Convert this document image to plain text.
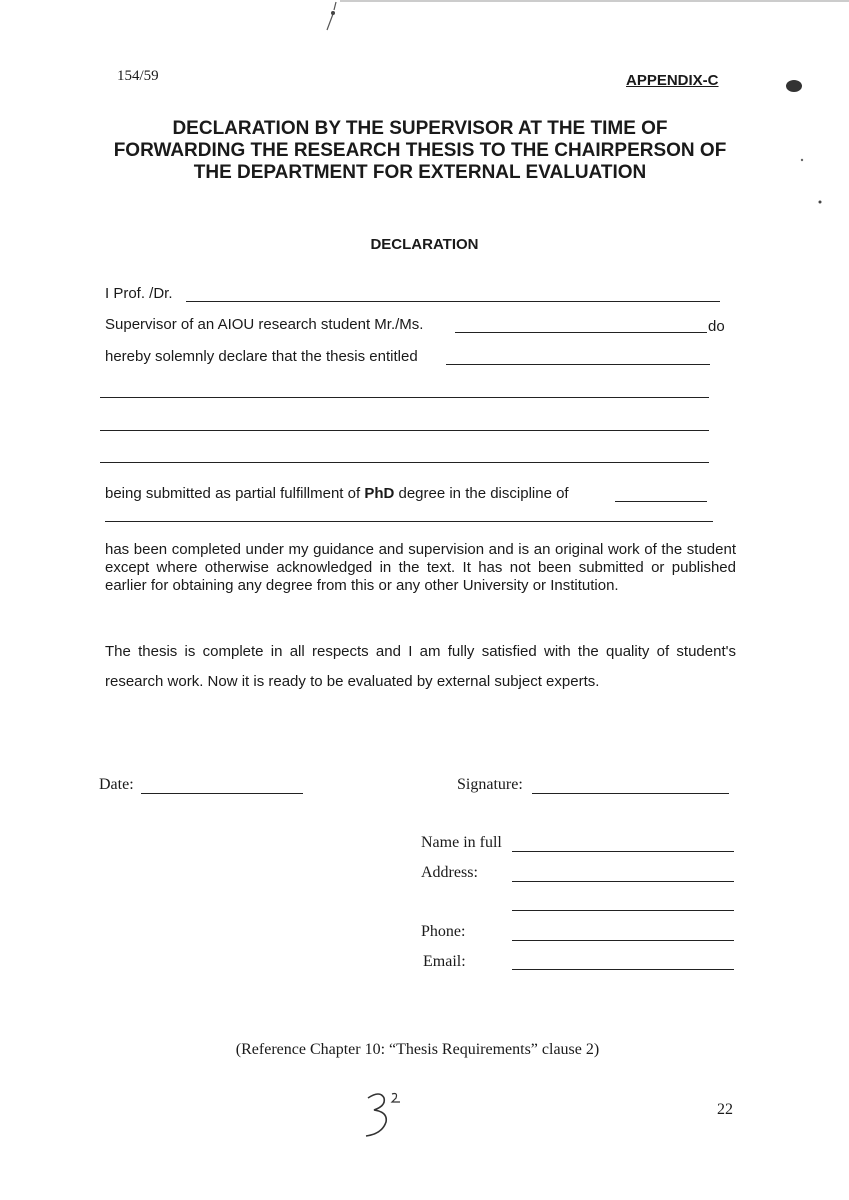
154/59	APPENDIX-C
DECLARATION BY THE SUPERVISOR AT THE TIME OF FORWARDING THE RESEARCH THESIS TO THE CHAIRPERSON OF THE DEPARTMENT FOR EXTERNAL EVALUATION
DECLARATION
I Prof. /Dr.
Supervisor of an AIOU research student Mr./Ms.	do
hereby solemnly declare that the thesis entitled
being submitted as partial fulfillment of PhD degree in the discipline of
has been completed under my guidance and supervision and is an original work of the student except where otherwise acknowledged in the text. It has not been submitted or published earlier for obtaining any degree from this or any other University or Institution.
The thesis is complete in all respects and I am fully satisfied with the quality of student's research work. Now it is ready to be evaluated by external subject experts.
Date:	Signature:
Name in full
Address:
Phone:
Email:
(Reference Chapter 10: “Thesis Requirements” clause 2)
22
